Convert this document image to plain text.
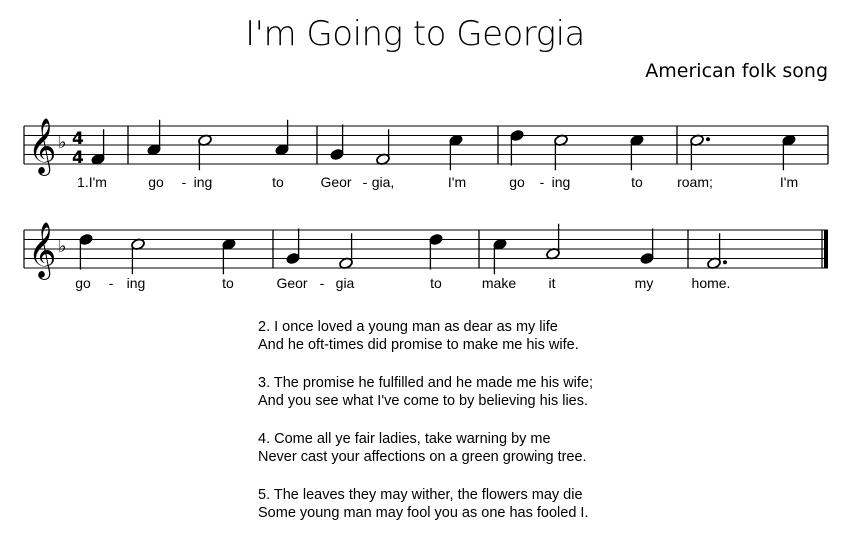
I'm Going to Georgia
American folk song
𝄞 ♭ 4
4
𝄞 ♭
1.I'm	go - ing	to	Geor - gia,	I'm	go - ing	to roam;	I'm
go - ing	to	Geor - gia	to	make it	my	home.
2. I once loved a young man as dear as my life
And he oft-times did promise to make me his wife.
3. The promise he fulfilled and he made me his wife;
And you see what I've come to by believing his lies.
4. Come all ye fair ladies, take warning by me
Never cast your affections on a green growing tree.
5. The leaves they may wither, the flowers may die
Some young man may fool you as one has fooled I.
